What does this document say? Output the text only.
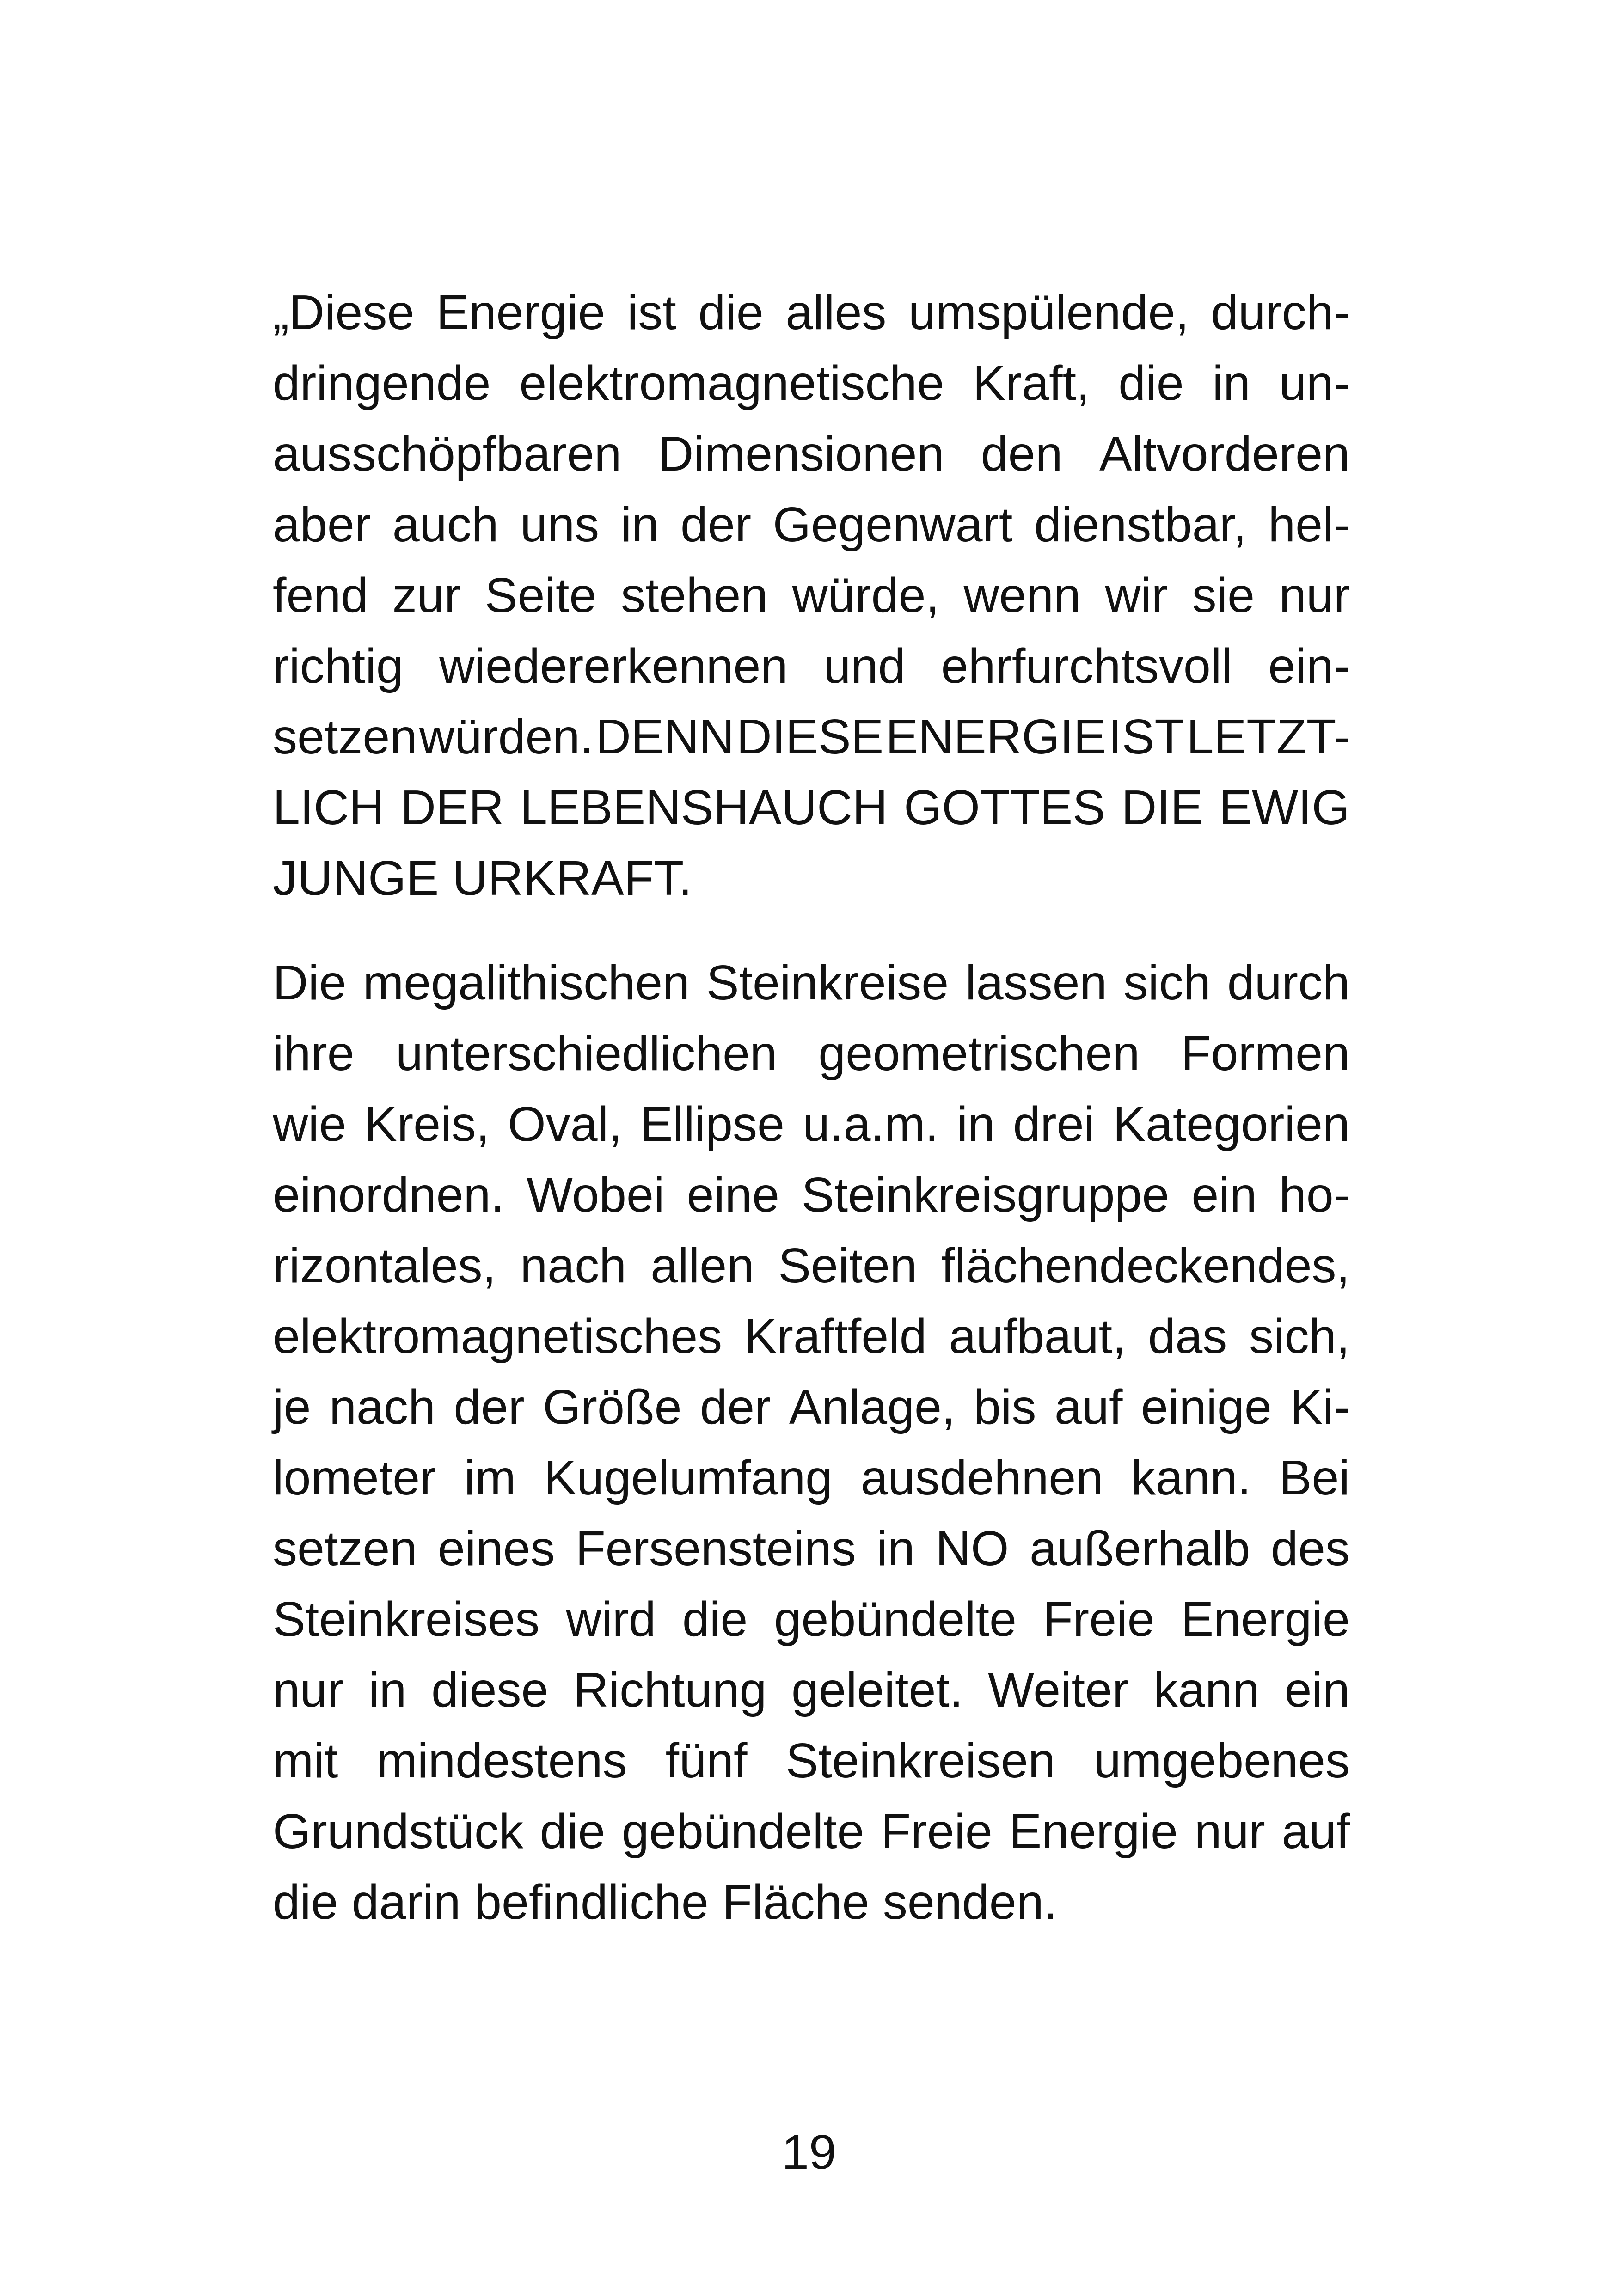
„Diese Energie ist die alles umspülende, durch-
dringende elektromagnetische Kraft, die in un-
ausschöpfbaren Dimensionen den Altvorderen
aber auch uns in der Gegenwart dienstbar, hel-
fend zur Seite stehen würde, wenn wir sie nur
richtig wiedererkennen und ehrfurchtsvoll ein-
setzen würden. DENN DIESE ENERGIE IST LETZT-
LICH DER LEBENSHAUCH GOTTES DIE EWIG
JUNGE URKRAFT.
Die megalithischen Steinkreise lassen sich durch
ihre unterschiedlichen geometrischen Formen
wie Kreis, Oval, Ellipse u.a.m. in drei Kategorien
einordnen. Wobei eine Steinkreisgruppe ein ho-
rizontales, nach allen Seiten flächendeckendes,
elektromagnetisches Kraftfeld aufbaut, das sich,
je nach der Größe der Anlage, bis auf einige Ki-
lometer im Kugelumfang ausdehnen kann. Bei
setzen eines Fersensteins in NO außerhalb des
Steinkreises wird die gebündelte Freie Energie
nur in diese Richtung geleitet. Weiter kann ein
mit mindestens fünf Steinkreisen umgebenes
Grundstück die gebündelte Freie Energie nur auf
die darin befindliche Fläche senden.
19
